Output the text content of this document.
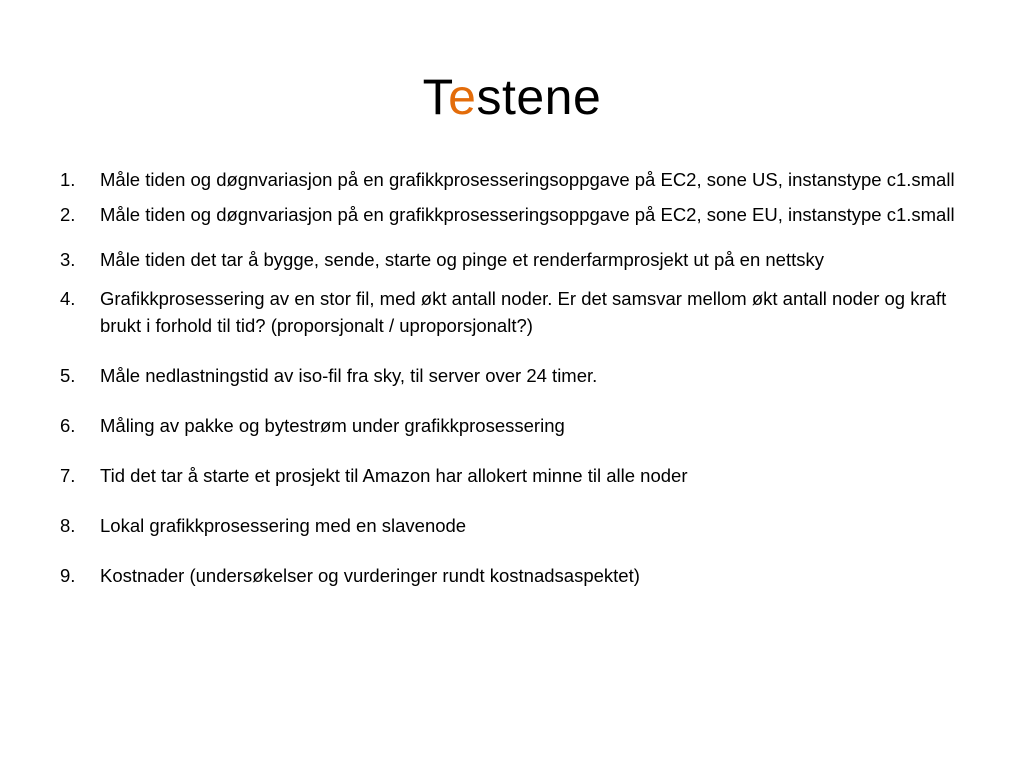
Testene
1. Måle tiden og døgnvariasjon på en grafikkprosesseringsoppgave på EC2, sone US, instanstype c1.small
2. Måle tiden og døgnvariasjon på en grafikkprosesseringsoppgave på EC2, sone EU, instanstype c1.small
3. Måle tiden det tar å bygge, sende, starte og pinge et renderfarmprosjekt ut på en nettsky
4. Grafikkprosessering av en stor fil, med økt antall noder. Er det samsvar mellom økt antall noder og kraft brukt i forhold til tid? (proporsjonalt / uproporsjonalt?)
5. Måle nedlastningstid av iso-fil fra sky, til server over 24 timer.
6. Måling av pakke og bytestrøm under grafikkprosessering
7. Tid det tar å starte et prosjekt til Amazon har allokert minne til alle noder
8. Lokal grafikkprosessering med en slavenode
9. Kostnader (undersøkelser og vurderinger rundt kostnadsaspektet)
